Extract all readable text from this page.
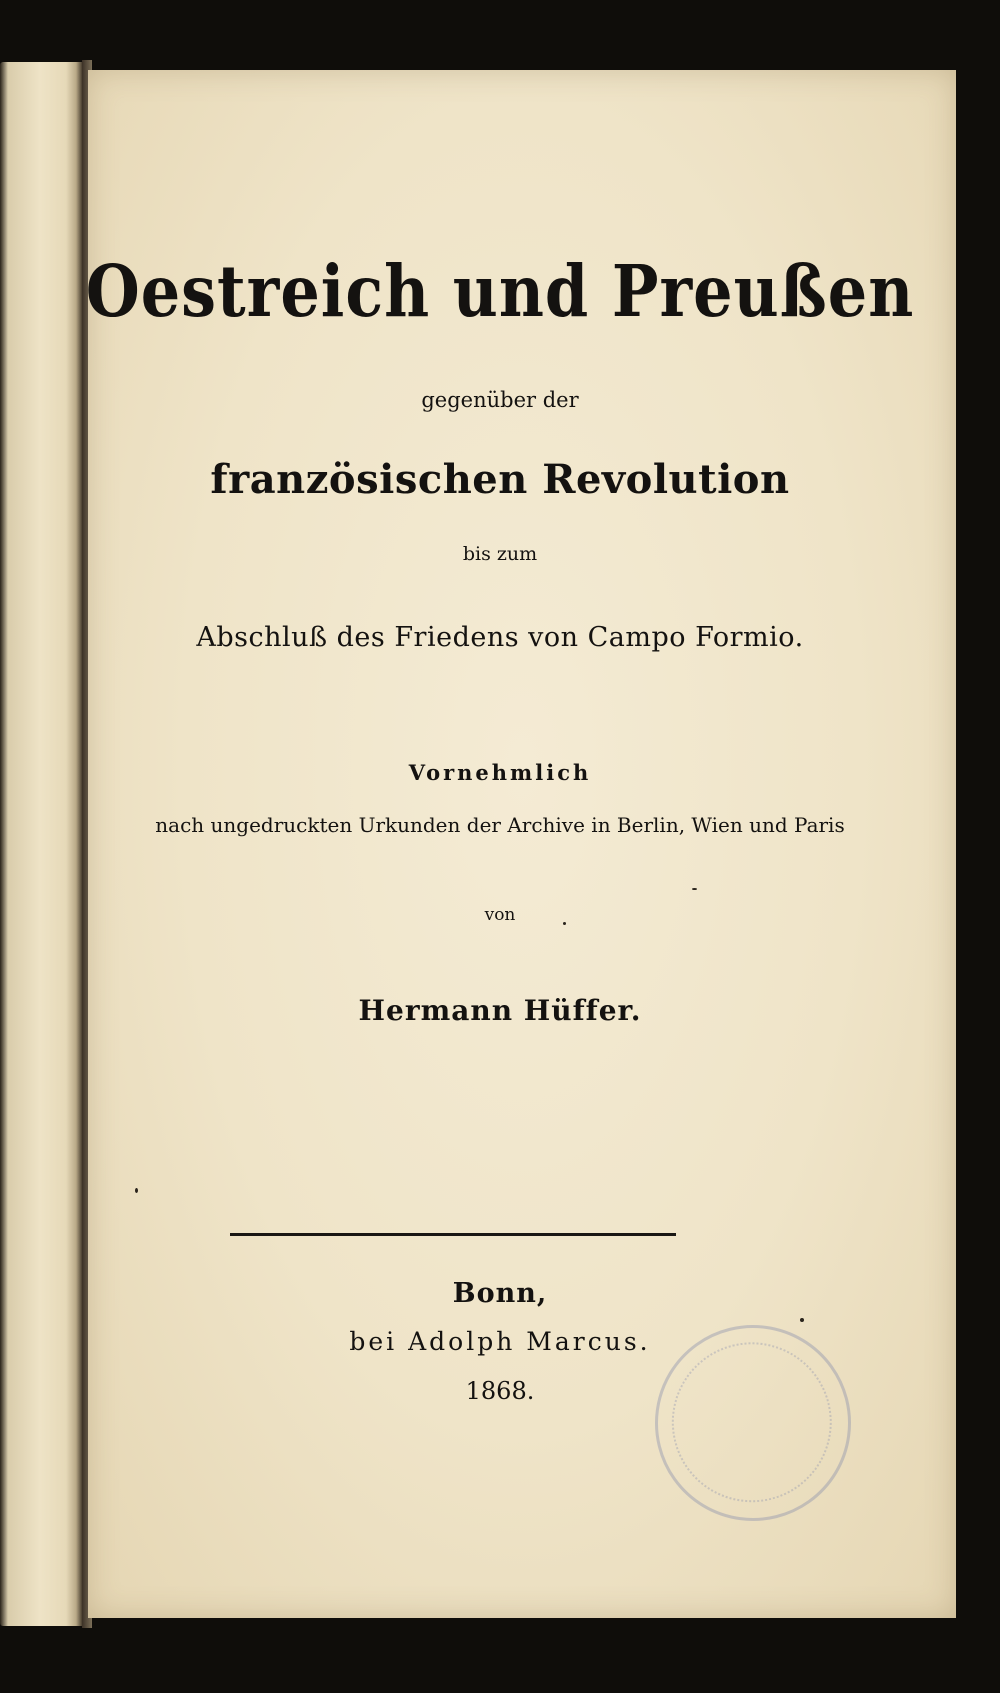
Oestreich und Preußen
gegenüber der
französischen Revolution
bis zum
Abschluß des Friedens von Campo Formio.
Vornehmlich
nach ungedruckten Urkunden der Archive in Berlin, Wien und Paris
von
Hermann Hüffer.
Bonn,
bei Adolph Marcus.
1868.
